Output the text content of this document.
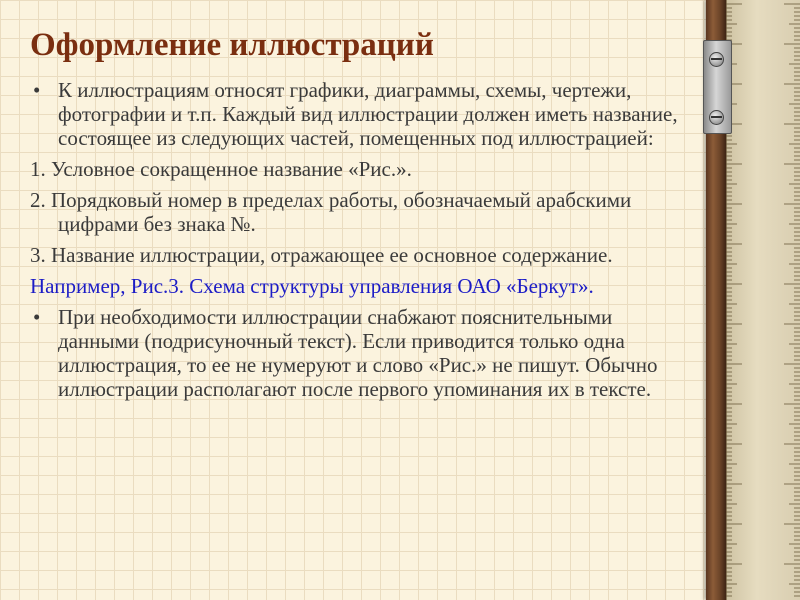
Оформление иллюстраций

• К иллюстрациям относят графики, диаграммы, схемы, чертежи, фотографии и т.п. Каждый вид иллюстрации должен иметь название, состоящее из следующих частей, помещенных под иллюстрацией:

1. Условное сокращенное название «Рис.».

2. Порядковый номер в пределах работы, обозначаемый арабскими цифрами без знака №.

3. Название иллюстрации, отражающее ее основное содержание.

Например, Рис.3. Схема структуры управления ОАО «Беркут».

• При необходимости иллюстрации снабжают пояснительными данными (подрисуночный текст). Если приводится только одна иллюстрация, то ее не нумеруют и слово «Рис.» не пишут. Обычно иллюстрации располагают после первого упоминания их в тексте.
